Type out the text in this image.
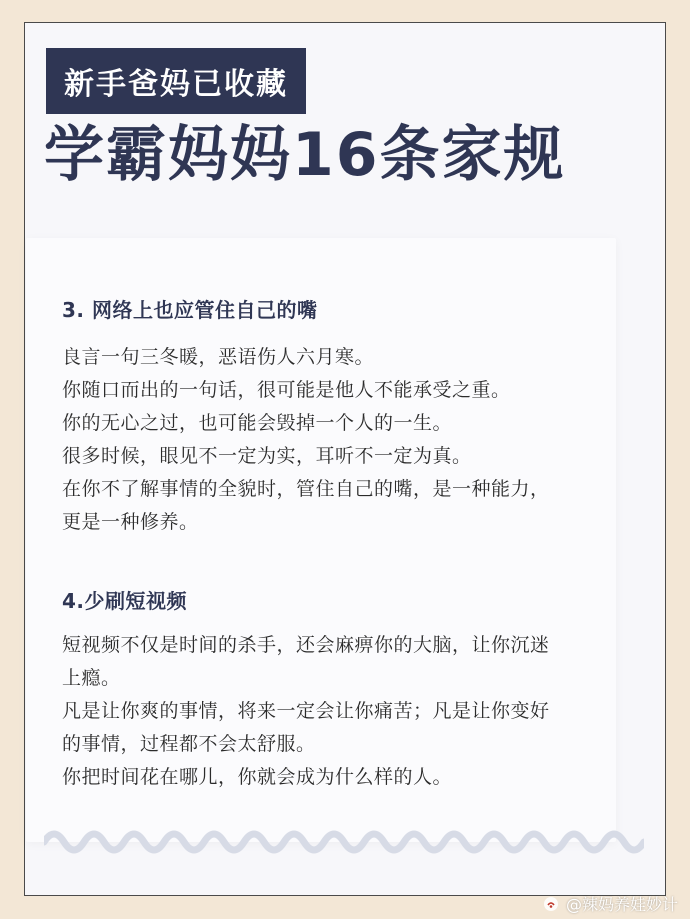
新手爸妈已收藏
学霸妈妈16条家规
3. 网络上也应管住自己的嘴
良言一句三冬暖，恶语伤人六月寒。
你随口而出的一句话，很可能是他人不能承受之重。
你的无心之过，也可能会毁掉一个人的一生。
很多时候，眼见不一定为实，耳听不一定为真。
在你不了解事情的全貌时，管住自己的嘴，是一种能力，
更是一种修养。
4.少刷短视频
短视频不仅是时间的杀手，还会麻痹你的大脑，让你沉迷
上瘾。
凡是让你爽的事情，将来一定会让你痛苦；凡是让你变好
的事情，过程都不会太舒服。
你把时间花在哪儿，你就会成为什么样的人。
@辣妈养娃妙计
